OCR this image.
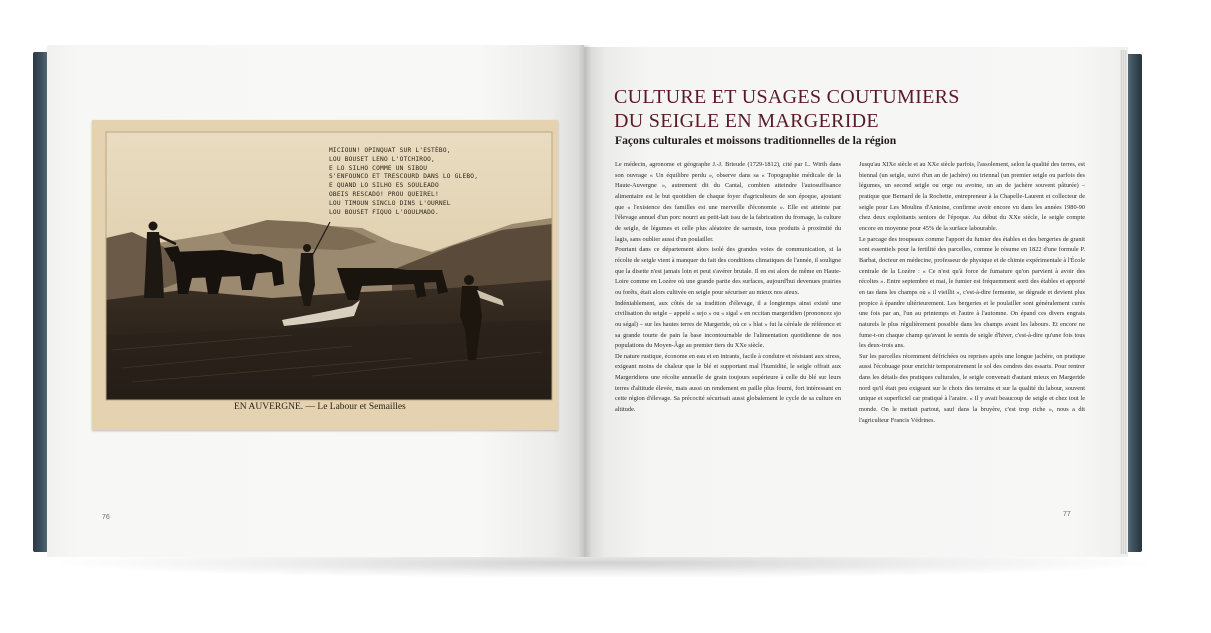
MICIOUN! OPINQUAT SUR L'ESTÈBO,
LOU BOUSET LENO L'OTCHIROO,
E LO SILHO COMME UN SIBOU
S'ENFOUNCO ET TRESCOURD DANS LO GLEBO,
E QUAND LO SILHO ES SOULEADO
OBEIS RESCADO! PROU QUEIREL!
LOU TIMOUN SINCLO DINS L'OURNEL
LOU BOUSET FIQUO L'OOULMADO.
EN AUVERGNE. — Le Labour et Semailles
76
CULTURE ET USAGES COUTUMIERS
DU SEIGLE EN MARGERIDE
Façons culturales et moissons traditionnelles de la région

Le médecin, agronome et géographe J.-J. Brieude (1729-1812), cité par L. Wirth dans son ouvrage « Un équilibre perdu », observe dans sa « Topographie médicale de la Haute-Auvergne », autrement dit du Cantal, combien atteindre l'autosuffisance alimentaire est le but quotidien de chaque foyer d'agriculteurs de son époque, ajoutant que « l'existence des familles est une merveille d'économie ». Elle est atteinte par l'élevage annuel d'un porc nourri au petit-lait issu de la fabrication du fromage, la culture de seigle, de légumes et celle plus aléatoire de sarrasin, tous produits à proximité du lagis, sans oublier aussi d'un poulailler.

Pourtant dans ce département alors isolé des grandes voies de communication, si la récolte de seigle vient à manquer du fait des conditions climatiques de l'année, il souligne que la disette n'est jamais loin et peut s'avérer brutale. Il en est alors de même en Haute-Loire comme en Lozère où une grande partie des surfaces, aujourd'hui devenues prairies ou forêts, était alors cultivée en seigle pour sécuriser au mieux nos aïeux.

Indéniablement, aux côtés de sa tradition d'élevage, il a longtemps ainsi existé une civilisation du seigle – appelé « sejo » ou « sigal » en occitan margeridien (prononcez sjo ou ségal) – sur les hautes terres de Margeride, où ce « blat » fut la céréale de référence et sa grande tourte de pain la base incontournable de l'alimentation quotidienne de nos populations du Moyen-Âge au premier tiers du XXe siècle.

De nature rustique, économe en eau et en intrants, facile à conduire et résistant aux stress, exigeant moins de chaleur que le blé et supportant mal l'humidité, le seigle offrait aux Margeridiens une récolte annuelle de grain toujours supérieure à celle du blé sur leurs terres d'altitude élevée, mais aussi un rendement en paille plus fourni, fort intéressant en cette région d'élevage. Sa précocité sécurisait aussi globalement le cycle de sa culture en altitude.

Jusqu'au XIXe siècle et au XXe siècle parfois, l'assolement, selon la qualité des terres, est biennal (un seigle, suivi d'un an de jachère) ou triennal (un premier seigle ou parfois des légumes, un second seigle ou orge ou avoine, un an de jachère souvent pâturée) – pratique que Bernard de la Rochette, entrepreneur à la Chapelle-Laurent et collecteur de seigle pour Les Moulins d'Antoine, confirme avoir encore vu dans les années 1980-90 chez deux exploitants seniors de l'époque. Au début du XXe siècle, le seigle compte encore en moyenne pour 45% de la surface labourable.

Le parcage des troupeaux comme l'apport du fumier des étables et des bergeries de granit sont essentiels pour la fertilité des parcelles, comme le résume en 1822 d'une formule P. Barbat, docteur en médecine, professeur de physique et de chimie expérimentale à l'École centrale de la Lozère : « Ce n'est qu'à force de fumature qu'on parvient à avoir des récoltes ». Entre septembre et mai, le fumier est fréquemment sorti des étables et apporté en tas dans les champs où « il vieillit », c'est-à-dire fermente, se dégrade et devient plus propice à épandre ultérieurement. Les bergeries et le poulailler sont généralement curés une fois par an, l'un au printemps et l'autre à l'automne. On épand ces divers engrais naturels le plus régulièrement possible dans les champs avant les labours. Et encore ne fume-t-on chaque champ qu'avant le semis de seigle d'hiver, c'est-à-dire qu'une fois tous les deux-trois ans.

Sur les parcelles récemment défrichées ou reprises après une longue jachère, on pratique aussi l'écobuage pour enrichir temporairement le sol des cendres des essarts. Pour rentrer dans les détails des pratiques culturales, le seigle convenait d'autant mieux en Margeride nord qu'il était peu exigeant sur le choix des terrains et sur la qualité du labour, souvent unique et superficiel car pratiqué à l'araire. « Il y avait beaucoup de seigle et chez tout le monde. On le mettait partout, sauf dans la bruyère, c'est trop riche », nous a dit l'agriculteur Francis Védrines.

77
